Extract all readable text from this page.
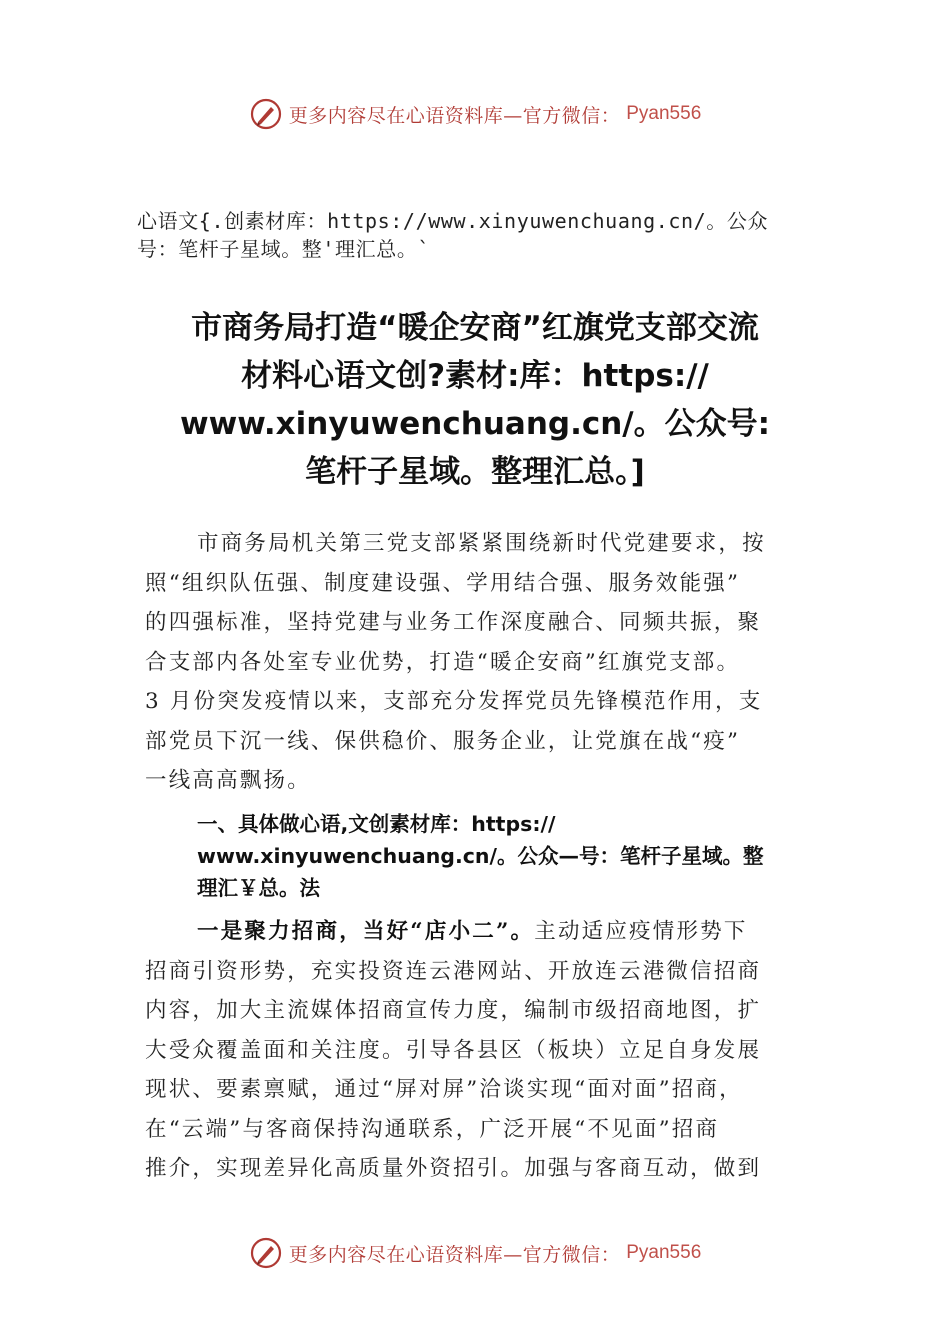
更多内容尽在心语资料库—官方微信： Pyan556
心语文{.创素材库：https://www.xinyuwenchuang.cn/。公众
号：笔杆子星域。整'理汇总。`
市商务局打造“暖企安商”红旗党支部交流
材料心语文创?素材:库：https://
www.xinyuwenchuang.cn/。公众号:
笔杆子星域。整理汇总。]
市商务局机关第三党支部紧紧围绕新时代党建要求，按
照“组织队伍强、制度建设强、学用结合强、服务效能强”
的四强标准，坚持党建与业务工作深度融合、同频共振，聚
合支部内各处室专业优势，打造“暖企安商”红旗党支部。
3 月份突发疫情以来，支部充分发挥党员先锋模范作用，支
部党员下沉一线、保供稳价、服务企业，让党旗在战“疫”
一线高高飘扬。
一、具体做心语,文创素材库：https://
www.xinyuwenchuang.cn/。公众—号：笔杆子星域。整
理汇￥总。法
一是聚力招商，当好“店小二”。主动适应疫情形势下
招商引资形势，充实投资连云港网站、开放连云港微信招商
内容，加大主流媒体招商宣传力度，编制市级招商地图，扩
大受众覆盖面和关注度。引导各县区（板块）立足自身发展
现状、要素禀赋，通过“屏对屏”洽谈实现“面对面”招商，
在“云端”与客商保持沟通联系，广泛开展“不见面”招商
推介，实现差异化高质量外资招引。加强与客商互动，做到
更多内容尽在心语资料库—官方微信： Pyan556
